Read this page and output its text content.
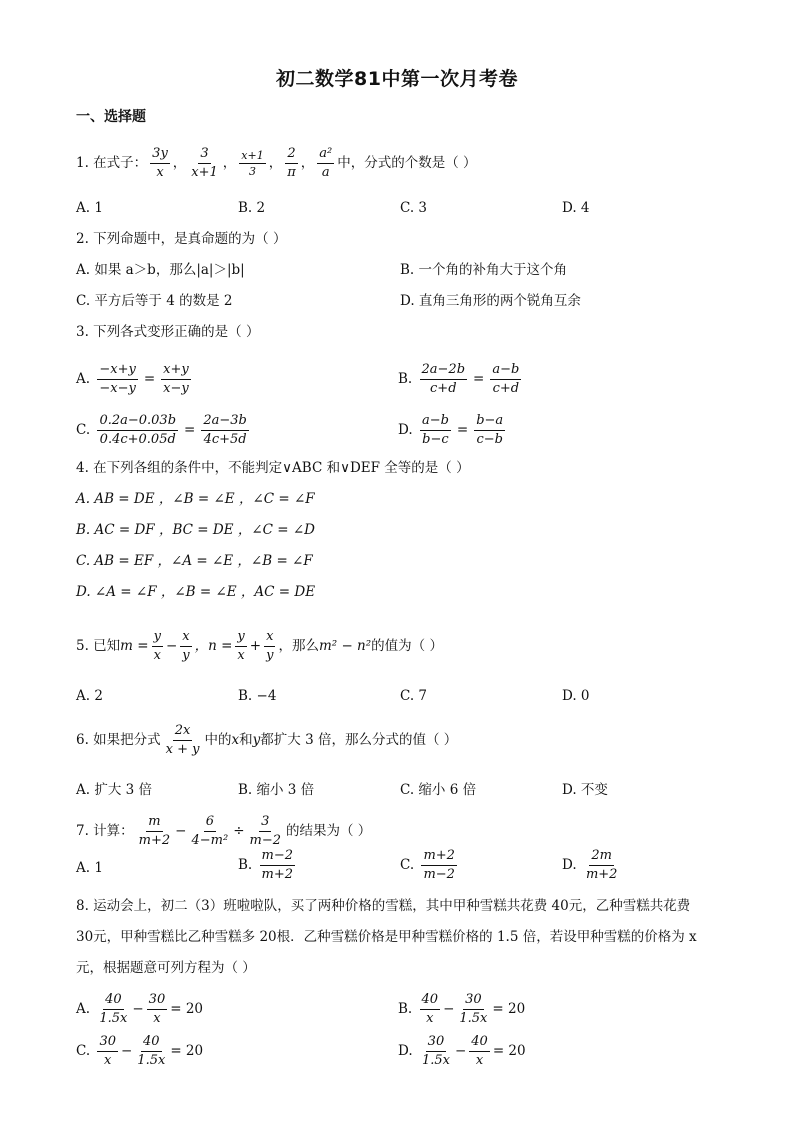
初二数学81中第一次月考卷
一、选择题
1. 在式子： $\frac{3y}{x}$ ， $\frac{3}{x+1}$ ， $\frac{x+1}{3}$ ， $\frac{2}{\pi}$ ， $\frac{\text{a²}}{a}$ 中，分式的个数是（ ）
A. 1	B. 2	C. 3	D. 4
2. 下列命题中，是真命题的为（ ）
A. 如果 a＞b，那么|a|＞|b|	B. 一个角的补角大于这个角
C. 平方后等于 4 的数是 2	D. 直角三角形的两个锐角互余
3. 下列各式变形正确的是（ ）
A. $\frac{-x+y}{-x-y} = \frac{x+y}{x-y}$	B. $\frac{2a-2b}{c+d} = \frac{a-b}{c+d}$
C. $\frac{0.2a-0.03b}{0.4c+0.05d} = \frac{2a-3b}{4c+5d}$	D. $\frac{a-b}{b-c} = \frac{b-a}{c-b}$
4. 在下列各组的条件中，不能判定∨ABC 和∨DEF 全等的是（ ）
A. AB = DE ，∠B = ∠E ，∠C = ∠F
B. AC = DF ，BC = DE ，∠C = ∠D
C. AB = EF ，∠A = ∠E ，∠B = ∠F
D. ∠A = ∠F ，∠B = ∠E ，AC = DE
5. 已知$m = \frac{y}{x} - \frac{x}{y}$ ，$n = \frac{y}{x} + \frac{x}{y}$ ，那么m² − n²的值为（ ）
A. 2	B. −4	C. 7	D. 0
6. 如果把分式 $\frac{2x}{x + y}$ 中的x和y都扩大 3 倍，那么分式的值（ ）
A. 扩大 3 倍	B. 缩小 3 倍	C. 缩小 6 倍	D. 不变
7. 计算： $\frac{m}{m+2} - \frac{6}{\text{4−m²}} \div \frac{3}{m-2}$ 的结果为（ ）
A. 1	B. $\frac{m-2}{m+2}$	C. $\frac{m+2}{m-2}$	D. $\frac{2m}{m+2}$
8. 运动会上，初二（3）班啦啦队，买了两种价格的雪糕，其中甲种雪糕共花费 40元，乙种雪糕共花费
30元，甲种雪糕比乙种雪糕多 20根．乙种雪糕价格是甲种雪糕价格的 1.5 倍，若设甲种雪糕的价格为 x
元，根据题意可列方程为（ ）
A. $\frac{40}{1.5x} - \frac{30}{x} = 20$	B. $\frac{40}{x} - \frac{30}{1.5x} = 20$
C. $\frac{30}{x} - \frac{40}{1.5x} = 20$	D. $\frac{30}{1.5x} - \frac{40}{x} = 20$
